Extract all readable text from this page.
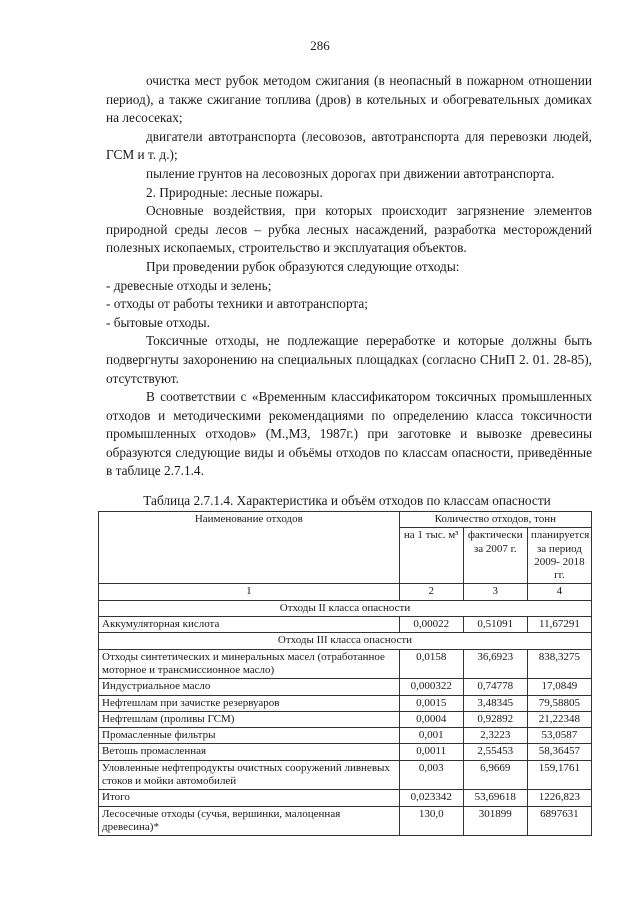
286

очистка мест рубок методом сжигания (в неопасный в пожарном отношении период), а также сжигание топлива (дров) в котельных и обогревательных домиках на лесосеках;

двигатели автотранспорта (лесовозов, автотранспорта для перевозки людей, ГСМ и т. д.);

пыление грунтов на лесовозных дорогах при движении автотранспорта.

2. Природные: лесные пожары.

Основные воздействия, при которых происходит загрязнение элементов природной среды лесов – рубка лесных насаждений, разработка месторождений полезных ископаемых, строительство и эксплуатация объектов.

При проведении рубок образуются следующие отходы:

- древесные отходы и зелень;

- отходы от работы техники и автотранспорта;

- бытовые отходы.

Токсичные отходы, не подлежащие переработке и которые должны быть подвергнуты захоронению на специальных площадках (согласно СНиП 2. 01. 28-85), отсутствуют.

В соответствии с «Временным классификатором токсичных промышленных отходов и методическими рекомендациями по определению класса токсичности промышленных отходов» (М.,МЗ, 1987г.) при заготовке и вывозке древесины образуются следующие виды и объёмы отходов по классам опасности, приведённые в таблице 2.7.1.4.

Таблица 2.7.1.4. Характеристика и объём отходов по классам опасности
Наименование отходов	Количество отходов, тонн		
	на 1 тыс. м³	фактически за 2007 г.	планируется за период 2009- 2018 гг.
1	2	3	4
Отходы II класса опасности			
Аккумуляторная кислота	0,00022	0,51091	11,67291
Отходы III класса опасности			
Отходы синтетических и минеральных масел (отработанное моторное и трансмиссионное масло)	0,0158	36,6923	838,3275
Индустриальное масло	0,000322	0,74778	17,0849
Нефтешлам при зачистке резервуаров	0,0015	3,48345	79,58805
Нефтешлам (проливы ГСМ)	0,0004	0,92892	21,22348
Промасленные фильтры	0,001	2,3223	53,0587
Ветошь промасленная	0,0011	2,55453	58,36457
Уловленные нефтепродукты очистных сооружений ливневых стоков и мойки автомобилей	0,003	6,9669	159,1761
Итого	0,023342	53,69618	1226,823
Лесосечные отходы (сучья, вершинки, малоценная древесина)*	130,0	301899	6897631
